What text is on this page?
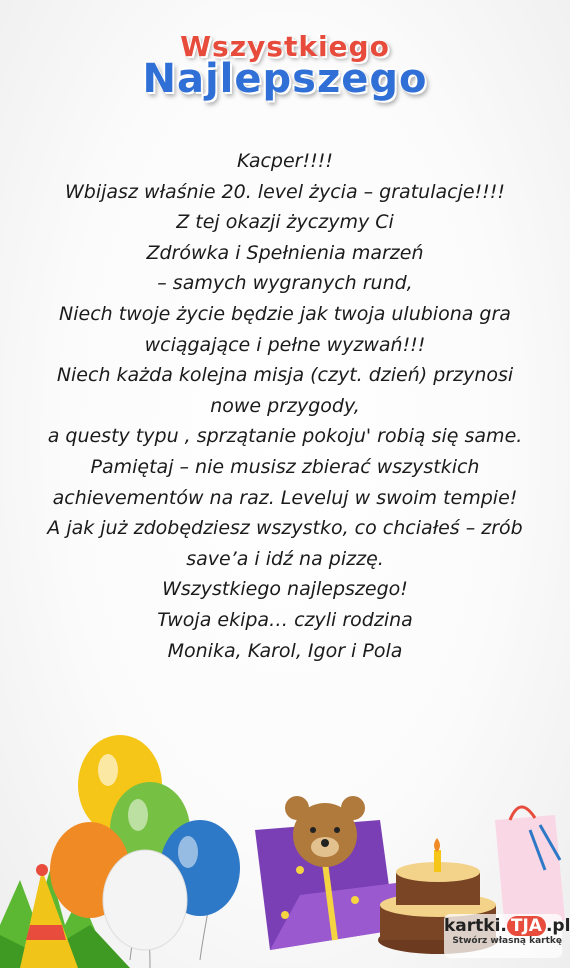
Wszystkiego
Najlepszego
Kacper!!!!
Wbijasz właśnie 20. level życia – gratulacje!!!!
Z tej okazji życzymy Ci
Zdrówka i Spełnienia marzeń
– samych wygranych rund,
Niech twoje życie będzie jak twoja ulubiona gra
wciągające i pełne wyzwań!!!
Niech każda kolejna misja (czyt. dzień) przynosi
nowe przygody,
a questy typu , sprzątanie pokoju' robią się same.
Pamiętaj – nie musisz zbierać wszystkich
achievementów na raz. Leveluj w swoim tempie!
A jak już zdobędziesz wszystko, co chciałeś – zrób
save’a i idź na pizzę.
Wszystkiego najlepszego!
Twoja ekipa… czyli rodzina
Monika, Karol, Igor i Pola
kartki. TJA .pl
Stwórz własną kartkę
